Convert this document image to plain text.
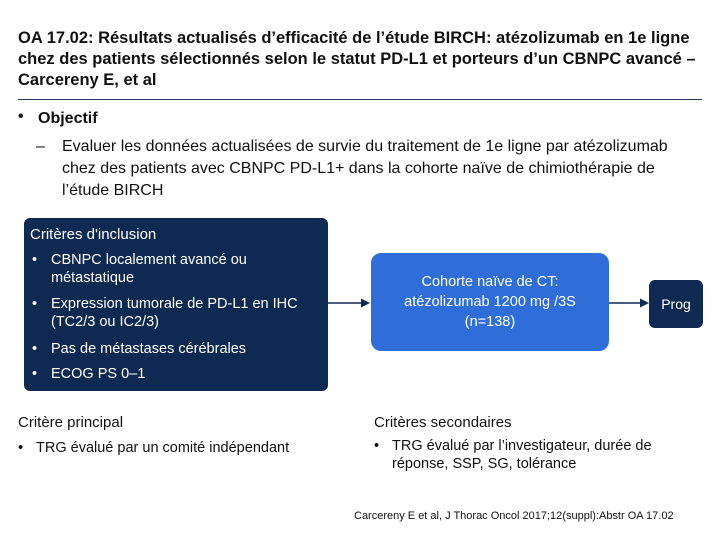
OA 17.02: Résultats actualisés d’efficacité de l’étude BIRCH: atézolizumab en 1e ligne chez des patients sélectionnés selon le statut PD-L1 et porteurs d’un CBNPC avancé – Carcereny E, et al
• Objectif
– Evaluer les données actualisées de survie du traitement de 1e ligne par atézolizumab chez des patients avec CBNPC PD-L1+ dans la cohorte naïve de chimiothérapie de l’étude BIRCH
Critères d'inclusion
• CBNPC localement avancé ou métastatique
• Expression tumorale de PD-L1 en IHC (TC2/3 ou IC2/3)
• Pas de métastases cérébrales
• ECOG PS 0–1
Cohorte naïve de CT:
atézolizumab 1200 mg /3S
(n=138)
Prog
Critère principal
• TRG évalué par un comité indépendant
Critères secondaires
• TRG évalué par l’investigateur, durée de réponse, SSP, SG, tolérance
Carcereny E et al, J Thorac Oncol 2017;12(suppl):Abstr OA 17.02
